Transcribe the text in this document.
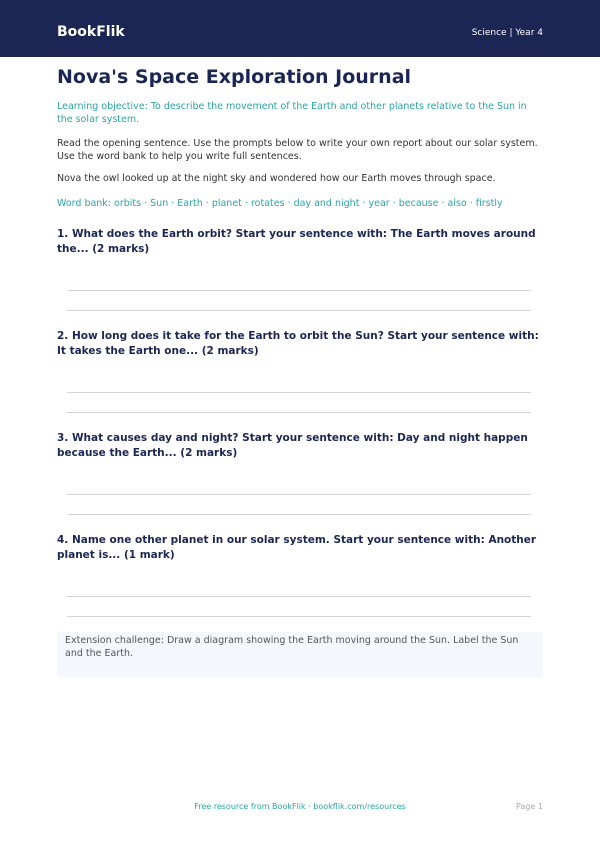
BookFlik	Science | Year 4
Nova's Space Exploration Journal

Learning objective: To describe the movement of the Earth and other planets relative to the Sun in the solar system.

Read the opening sentence. Use the prompts below to write your own report about our solar system. Use the word bank to help you write full sentences.

Nova the owl looked up at the night sky and wondered how our Earth moves through space.

Word bank: orbits · Sun · Earth · planet · rotates · day and night · year · because · also · firstly

1. What does the Earth orbit? Start your sentence with: The Earth moves around the... (2 marks)

2. How long does it take for the Earth to orbit the Sun? Start your sentence with: It takes the Earth one... (2 marks)

3. What causes day and night? Start your sentence with: Day and night happen because the Earth... (2 marks)

4. Name one other planet in our solar system. Start your sentence with: Another planet is... (1 mark)

Extension challenge: Draw a diagram showing the Earth moving around the Sun. Label the Sun and the Earth.

Free resource from BookFlik · bookflik.com/resources	Page 1
